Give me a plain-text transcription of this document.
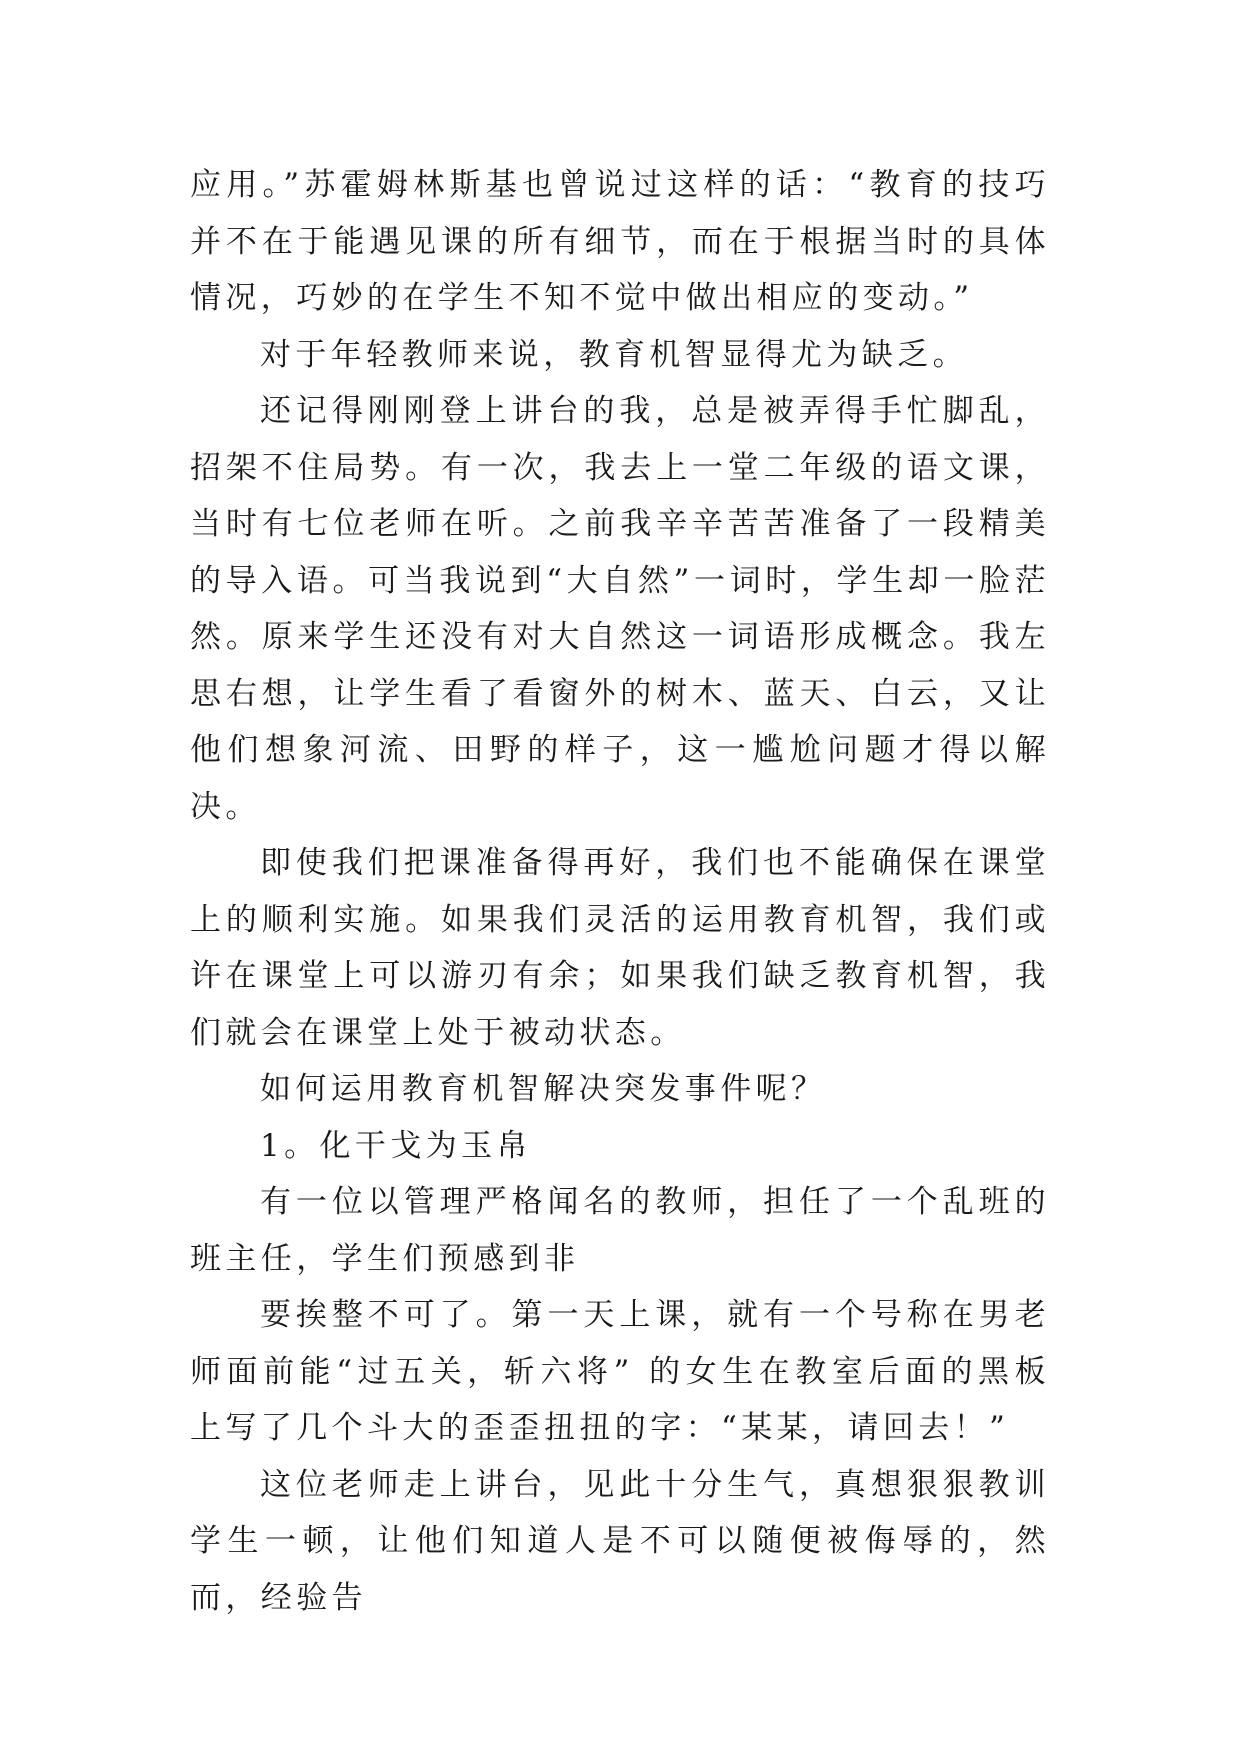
应用。”苏霍姆林斯基也曾说过这样的话：“教育的技巧并不在于能遇见课的所有细节，而在于根据当时的具体情况，巧妙的在学生不知不觉中做出相应的变动。”

对于年轻教师来说，教育机智显得尤为缺乏。

还记得刚刚登上讲台的我，总是被弄得手忙脚乱，招架不住局势。有一次，我去上一堂二年级的语文课，当时有七位老师在听。之前我辛辛苦苦准备了一段精美的导入语。可当我说到“大自然”一词时，学生却一脸茫然。原来学生还没有对大自然这一词语形成概念。我左思右想，让学生看了看窗外的树木、蓝天、白云，又让他们想象河流、田野的样子，这一尴尬问题才得以解决。

即使我们把课准备得再好，我们也不能确保在课堂上的顺利实施。如果我们灵活的运用教育机智，我们或许在课堂上可以游刃有余；如果我们缺乏教育机智，我们就会在课堂上处于被动状态。

如何运用教育机智解决突发事件呢？

1。化干戈为玉帛

有一位以管理严格闻名的教师，担任了一个乱班的班主任，学生们预感到非

要挨整不可了。第一天上课，就有一个号称在男老师面前能“过五关，斩六将” 的女生在教室后面的黑板上写了几个斗大的歪歪扭扭的字：“某某，请回去！”

这位老师走上讲台，见此十分生气，真想狠狠教训学生一顿，让他们知道人是不可以随便被侮辱的，然而，经验告
